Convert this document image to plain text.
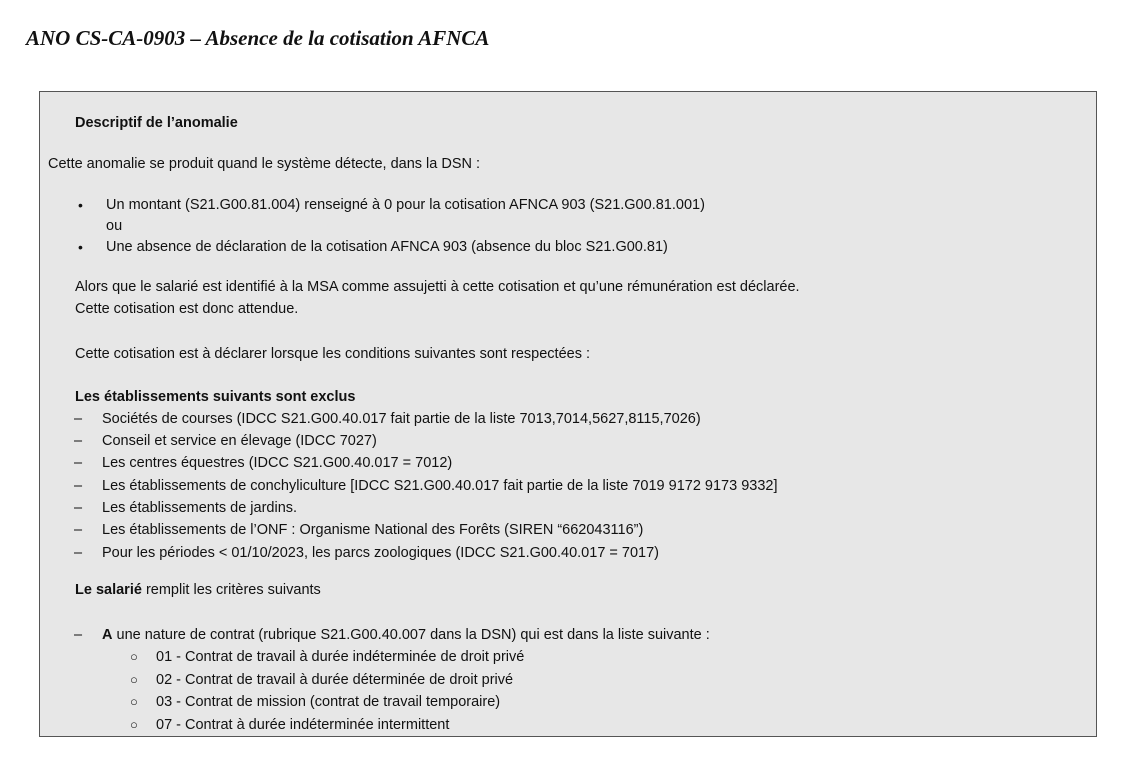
ANO CS-CA-0903 – Absence de la cotisation AFNCA
Descriptif de l’anomalie
Cette anomalie se produit quand le système détecte, dans la DSN :
• Un montant (S21.G00.81.004) renseigné à 0 pour la cotisation AFNCA 903 (S21.G00.81.001)
ou
• Une absence de déclaration de la cotisation AFNCA 903 (absence du bloc S21.G00.81)
Alors que le salarié est identifié à la MSA comme assujetti à cette cotisation et qu’une rémunération est déclarée.
Cette cotisation est donc attendue.
Cette cotisation est à déclarer lorsque les conditions suivantes sont respectées :
Les établissements suivants sont exclus
– Sociétés de courses (IDCC S21.G00.40.017 fait partie de la liste 7013,7014,5627,8115,7026)
– Conseil et service en élevage (IDCC 7027)
– Les centres équestres (IDCC S21.G00.40.017 = 7012)
– Les établissements de conchyliculture [IDCC S21.G00.40.017 fait partie de la liste 7019 9172 9173 9332]
– Les établissements de jardins.
– Les établissements de l’ONF : Organisme National des Forêts (SIREN “662043116”)
– Pour les périodes < 01/10/2023, les parcs zoologiques (IDCC S21.G00.40.017 = 7017)
Le salarié remplit les critères suivants
– A une nature de contrat (rubrique S21.G00.40.007 dans la DSN) qui est dans la liste suivante :
○ 01 - Contrat de travail à durée indéterminée de droit privé
○ 02 - Contrat de travail à durée déterminée de droit privé
○ 03 - Contrat de mission (contrat de travail temporaire)
○ 07 - Contrat à durée indéterminée intermittent
